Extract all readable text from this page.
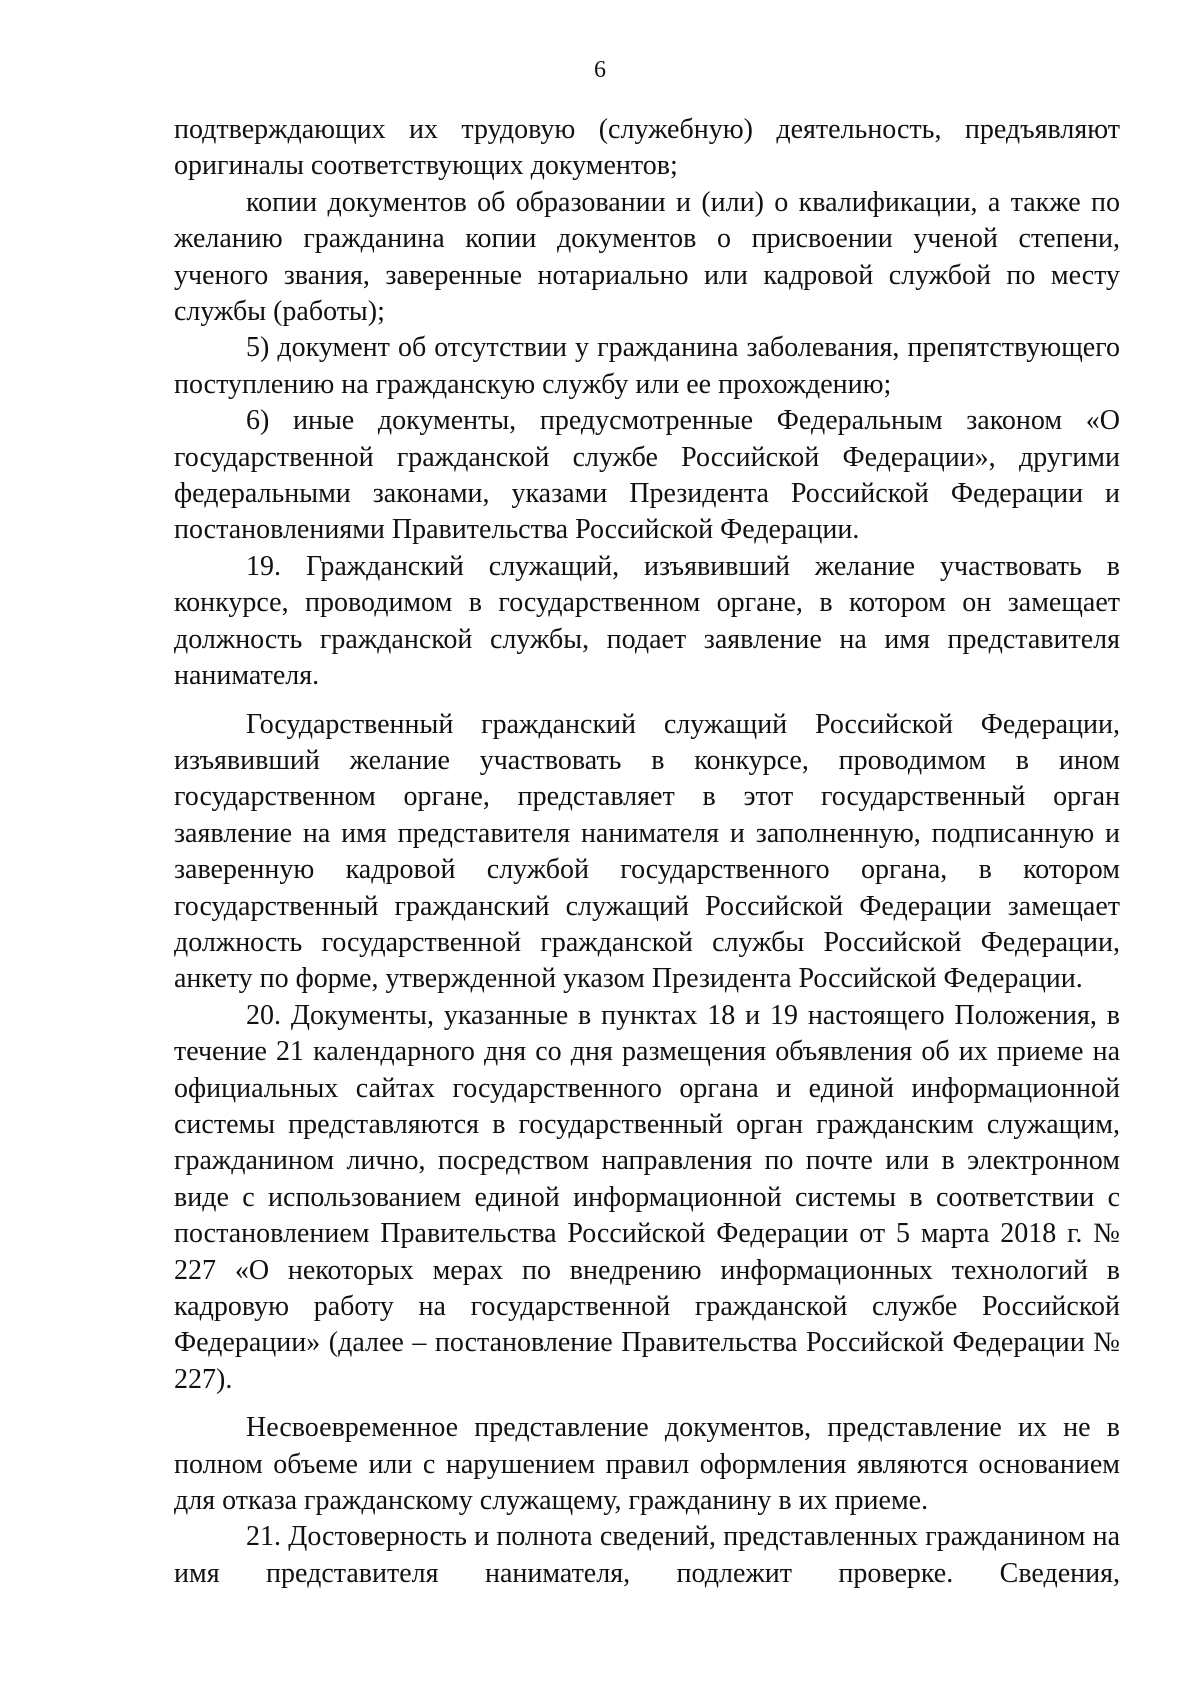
6

подтверждающих их трудовую (служебную) деятельность, предъявляют оригиналы соответствующих документов;

копии документов об образовании и (или) о квалификации, а также по желанию гражданина копии документов о присвоении ученой степени, ученого звания, заверенные нотариально или кадровой службой по месту службы (работы);

5) документ об отсутствии у гражданина заболевания, препятствующего поступлению на гражданскую службу или ее прохождению;

6) иные документы, предусмотренные Федеральным законом «О государственной гражданской службе Российской Федерации», другими федеральными законами, указами Президента Российской Федерации и постановлениями Правительства Российской Федерации.

19. Гражданский служащий, изъявивший желание участвовать в конкурсе, проводимом в государственном органе, в котором он замещает должность гражданской службы, подает заявление на имя представителя нанимателя.

Государственный гражданский служащий Российской Федерации, изъявивший желание участвовать в конкурсе, проводимом в ином государственном органе, представляет в этот государственный орган заявление на имя представителя нанимателя и заполненную, подписанную и заверенную кадровой службой государственного органа, в котором государственный гражданский служащий Российской Федерации замещает должность государственной гражданской службы Российской Федерации, анкету по форме, утвержденной указом Президента Российской Федерации.

20. Документы, указанные в пунктах 18 и 19 настоящего Положения, в течение 21 календарного дня со дня размещения объявления об их приеме на официальных сайтах государственного органа и единой информационной системы представляются в государственный орган гражданским служащим, гражданином лично, посредством направления по почте или в электронном виде с использованием единой информационной системы в соответствии с постановлением Правительства Российской Федерации от 5 марта 2018 г. № 227 «О некоторых мерах по внедрению информационных технологий в кадровую работу на государственной гражданской службе Российской Федерации» (далее – постановление Правительства Российской Федерации № 227).

Несвоевременное представление документов, представление их не в полном объеме или с нарушением правил оформления являются основанием для отказа гражданскому служащему, гражданину в их приеме.

21. Достоверность и полнота сведений, представленных гражданином на имя представителя нанимателя, подлежит проверке. Сведения,
